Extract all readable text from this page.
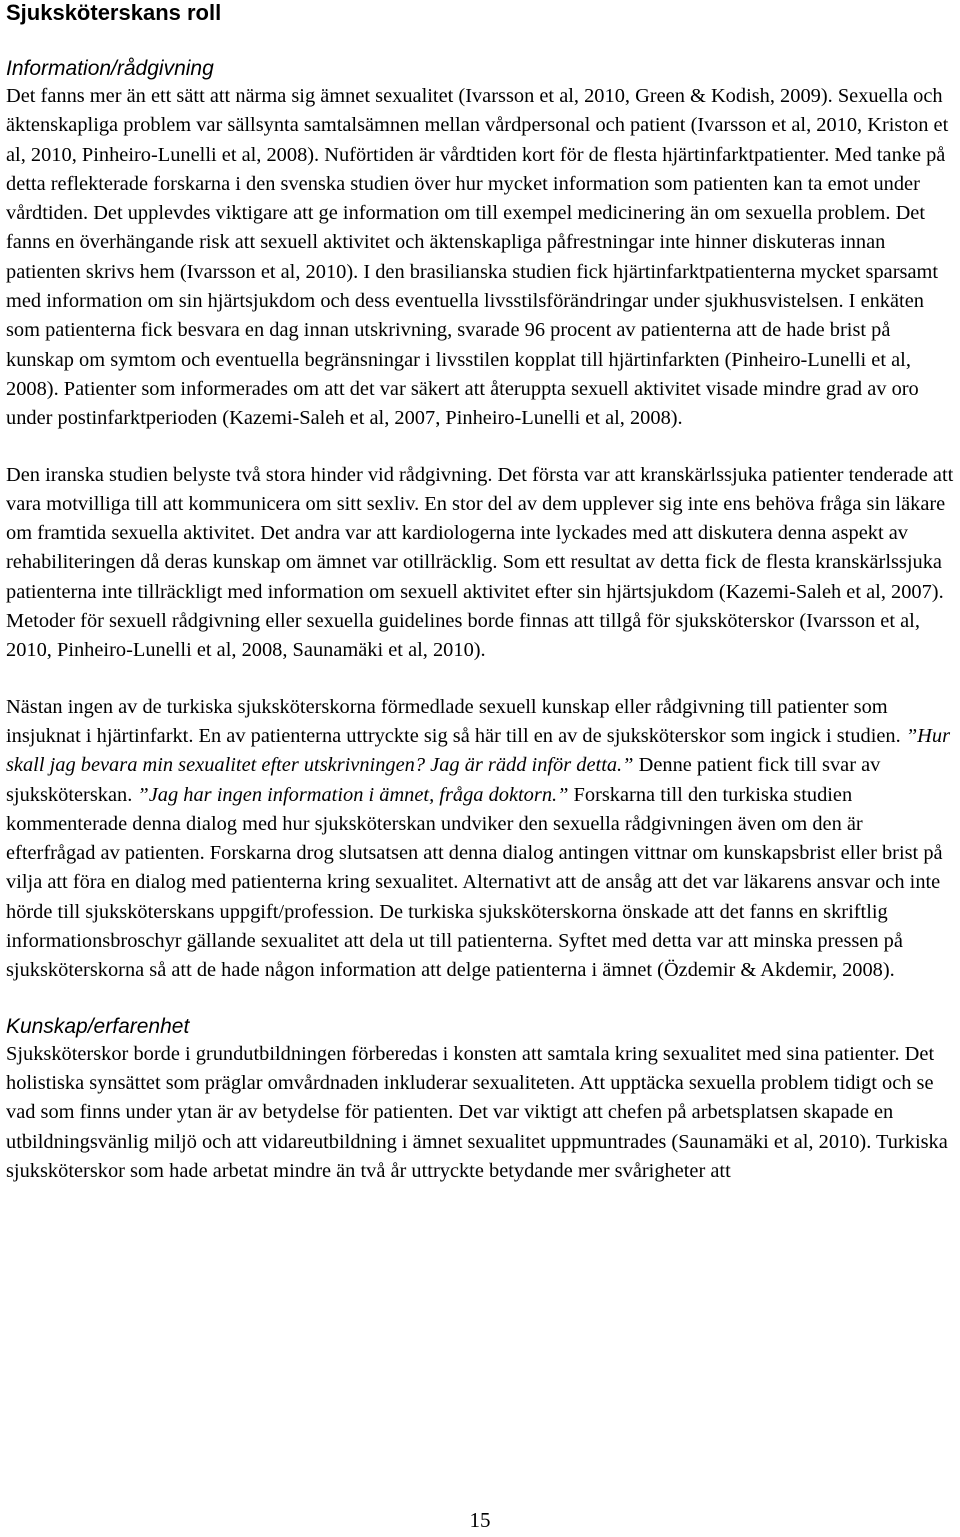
Sjuksköterskans roll
Information/rådgivning

Det fanns mer än ett sätt att närma sig ämnet sexualitet (Ivarsson et al, 2010, Green & Kodish, 2009). Sexuella och äktenskapliga problem var sällsynta samtalsämnen mellan vårdpersonal och patient (Ivarsson et al, 2010, Kriston et al, 2010, Pinheiro-Lunelli et al, 2008). Nuförtiden är vårdtiden kort för de flesta hjärtinfarktpatienter. Med tanke på detta reflekterade forskarna i den svenska studien över hur mycket information som patienten kan ta emot under vårdtiden. Det upplevdes viktigare att ge information om till exempel medicinering än om sexuella problem. Det fanns en överhängande risk att sexuell aktivitet och äktenskapliga påfrestningar inte hinner diskuteras innan patienten skrivs hem (Ivarsson et al, 2010). I den brasilianska studien fick hjärtinfarktpatienterna mycket sparsamt med information om sin hjärtsjukdom och dess eventuella livsstilsförändringar under sjukhusvistelsen. I enkäten som patienterna fick besvara en dag innan utskrivning, svarade 96 procent av patienterna att de hade brist på kunskap om symtom och eventuella begränsningar i livsstilen kopplat till hjärtinfarkten (Pinheiro-Lunelli et al, 2008). Patienter som informerades om att det var säkert att återuppta sexuell aktivitet visade mindre grad av oro under postinfarktperioden (Kazemi-Saleh et al, 2007, Pinheiro-Lunelli et al, 2008).

Den iranska studien belyste två stora hinder vid rådgivning. Det första var att kranskärlssjuka patienter tenderade att vara motvilliga till att kommunicera om sitt sexliv. En stor del av dem upplever sig inte ens behöva fråga sin läkare om framtida sexuella aktivitet. Det andra var att kardiologerna inte lyckades med att diskutera denna aspekt av rehabiliteringen då deras kunskap om ämnet var otillräcklig. Som ett resultat av detta fick de flesta kranskärlssjuka patienterna inte tillräckligt med information om sexuell aktivitet efter sin hjärtsjukdom (Kazemi-Saleh et al, 2007). Metoder för sexuell rådgivning eller sexuella guidelines borde finnas att tillgå för sjuksköterskor (Ivarsson et al, 2010, Pinheiro-Lunelli et al, 2008, Saunamäki et al, 2010).

Nästan ingen av de turkiska sjuksköterskorna förmedlade sexuell kunskap eller rådgivning till patienter som insjuknat i hjärtinfarkt. En av patienterna uttryckte sig så här till en av de sjuksköterskor som ingick i studien. ”Hur skall jag bevara min sexualitet efter utskrivningen? Jag är rädd inför detta.” Denne patient fick till svar av sjuksköterskan. ”Jag har ingen information i ämnet, fråga doktorn.” Forskarna till den turkiska studien kommenterade denna dialog med hur sjuksköterskan undviker den sexuella rådgivningen även om den är efterfrågad av patienten. Forskarna drog slutsatsen att denna dialog antingen vittnar om kunskapsbrist eller brist på vilja att föra en dialog med patienterna kring sexualitet. Alternativt att de ansåg att det var läkarens ansvar och inte hörde till sjuksköterskans uppgift/profession. De turkiska sjuksköterskorna önskade att det fanns en skriftlig informationsbroschyr gällande sexualitet att dela ut till patienterna. Syftet med detta var att minska pressen på sjuksköterskorna så att de hade någon information att delge patienterna i ämnet (Özdemir & Akdemir, 2008).

Kunskap/erfarenhet

Sjuksköterskor borde i grundutbildningen förberedas i konsten att samtala kring sexualitet med sina patienter. Det holistiska synsättet som präglar omvårdnaden inkluderar sexualiteten. Att upptäcka sexuella problem tidigt och se vad som finns under ytan är av betydelse för patienten. Det var viktigt att chefen på arbetsplatsen skapade en utbildningsvänlig miljö och att vidareutbildning i ämnet sexualitet uppmuntrades (Saunamäki et al, 2010). Turkiska sjuksköterskor som hade arbetat mindre än två år uttryckte betydande mer svårigheter att

15
